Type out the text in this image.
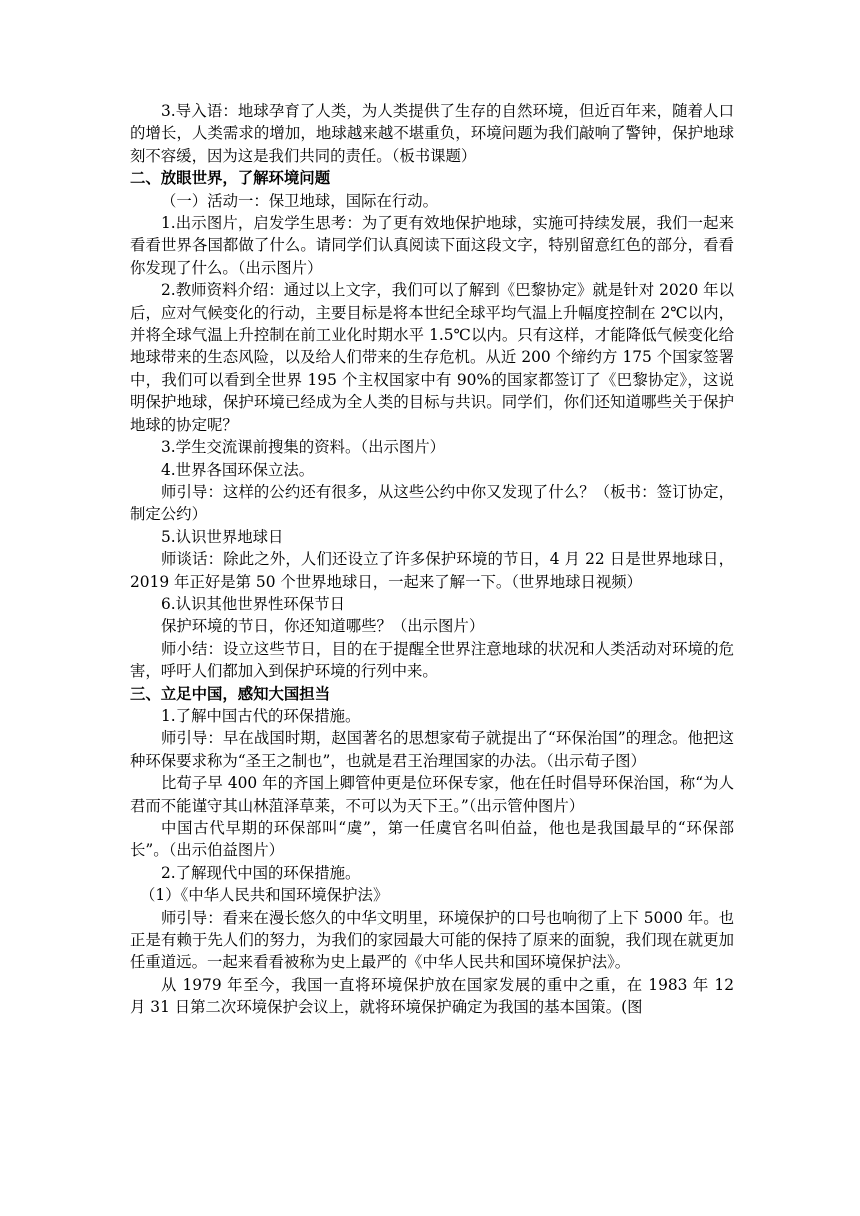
3.导入语：地球孕育了人类，为人类提供了生存的自然环境，但近百年来，随着人口的增长，人类需求的增加，地球越来越不堪重负，环境问题为我们敲响了警钟，保护地球刻不容缓，因为这是我们共同的责任。（板书课题）

二、放眼世界，了解环境问题

（一）活动一：保卫地球，国际在行动。

1.出示图片，启发学生思考：为了更有效地保护地球，实施可持续发展，我们一起来看看世界各国都做了什么。请同学们认真阅读下面这段文字，特别留意红色的部分，看看你发现了什么。（出示图片）

2.教师资料介绍：通过以上文字，我们可以了解到《巴黎协定》就是针对 2020 年以后，应对气候变化的行动，主要目标是将本世纪全球平均气温上升幅度控制在 2℃以内，并将全球气温上升控制在前工业化时期水平 1.5℃以内。只有这样，才能降低气候变化给地球带来的生态风险，以及给人们带来的生存危机。从近 200 个缔约方 175 个国家签署中，我们可以看到全世界 195 个主权国家中有 90%的国家都签订了《巴黎协定》，这说明保护地球，保护环境已经成为全人类的目标与共识。同学们，你们还知道哪些关于保护地球的协定呢？

3.学生交流课前搜集的资料。（出示图片）

4.世界各国环保立法。

师引导：这样的公约还有很多，从这些公约中你又发现了什么？（板书：签订协定，制定公约）

5.认识世界地球日

师谈话：除此之外，人们还设立了许多保护环境的节日，4 月 22 日是世界地球日，2019 年正好是第 50 个世界地球日，一起来了解一下。（世界地球日视频）

6.认识其他世界性环保节日

保护环境的节日，你还知道哪些？（出示图片）

师小结：设立这些节日，目的在于提醒全世界注意地球的状况和人类活动对环境的危害，呼吁人们都加入到保护环境的行列中来。

三、立足中国，感知大国担当

1.了解中国古代的环保措施。

师引导：早在战国时期，赵国著名的思想家荀子就提出了“环保治国”的理念。他把这种环保要求称为“圣王之制也”，也就是君王治理国家的办法。（出示荀子图）

比荀子早 400 年的齐国上卿管仲更是位环保专家，他在任时倡导环保治国，称“为人君而不能谨守其山林菹泽草莱，不可以为天下王。”（出示管仲图片）

中国古代早期的环保部叫“虞”，第一任虞官名叫伯益，他也是我国最早的“环保部长”。（出示伯益图片）

2.了解现代中国的环保措施。

（1）《中华人民共和国环境保护法》

师引导：看来在漫长悠久的中华文明里，环境保护的口号也响彻了上下 5000 年。也正是有赖于先人们的努力，为我们的家园最大可能的保持了原来的面貌，我们现在就更加任重道远。一起来看看被称为史上最严的《中华人民共和国环境保护法》。

从 1979 年至今，我国一直将环境保护放在国家发展的重中之重，在 1983 年 12 月 31 日第二次环境保护会议上，就将环境保护确定为我国的基本国策。(图
